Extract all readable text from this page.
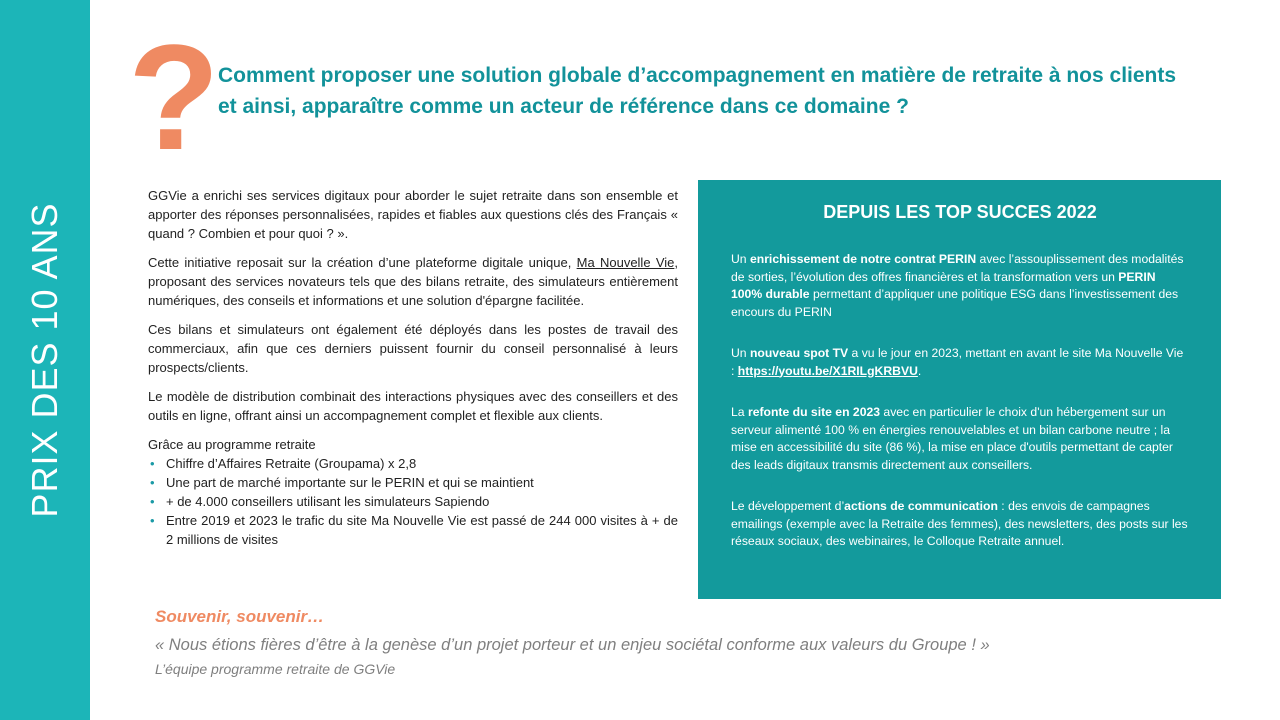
PRIX DES 10 ANS
?
Comment proposer une solution globale d’accompagnement en matière de retraite à nos clients et ainsi, apparaître comme un acteur de référence dans ce domaine ?

GGVie a enrichi ses services digitaux pour aborder le sujet retraite dans son ensemble et apporter des réponses personnalisées, rapides et fiables aux questions clés des Français « quand ? Combien et pour quoi ? ».

Cette initiative reposait sur la création d’une plateforme digitale unique, Ma Nouvelle Vie, proposant des services novateurs tels que des bilans retraite, des simulateurs entièrement numériques, des conseils et informations et une solution d'épargne facilitée.

Ces bilans et simulateurs ont également été déployés dans les postes de travail des commerciaux, afin que ces derniers puissent fournir du conseil personnalisé à leurs prospects/clients.

Le modèle de distribution combinait des interactions physiques avec des conseillers et des outils en ligne, offrant ainsi un accompagnement complet et flexible aux clients.

Grâce au programme retraite
• Chiffre d’Affaires Retraite (Groupama) x 2,8
• Une part de marché importante sur le PERIN et qui se maintient
• + de 4.000 conseillers utilisant les simulateurs Sapiendo
• Entre 2019 et 2023 le trafic du site Ma Nouvelle Vie est passé de 244 000 visites à + de 2 millions de visites
DEPUIS LES TOP SUCCES 2022

Un enrichissement de notre contrat PERIN avec l’assouplissement des modalités de sorties, l’évolution des offres financières et la transformation vers un PERIN 100% durable permettant d’appliquer une politique ESG dans l’investissement des encours du PERIN

Un nouveau spot TV a vu le jour en 2023, mettant en avant le site Ma Nouvelle Vie : https://youtu.be/X1RILgKRBVU.

La refonte du site en 2023 avec en particulier le choix d'un hébergement sur un serveur alimenté 100 % en énergies renouvelables et un bilan carbone neutre ; la mise en accessibilité du site (86 %), la mise en place d'outils permettant de capter des leads digitaux transmis directement aux conseillers.

Le développement d’actions de communication : des envois de campagnes emailings (exemple avec la Retraite des femmes), des newsletters, des posts sur les réseaux sociaux, des webinaires, le Colloque Retraite annuel.

Souvenir, souvenir…
« Nous étions fières d’être à la genèse d’un projet porteur et un enjeu sociétal conforme aux valeurs du Groupe ! »
L’équipe programme retraite de GGVie
